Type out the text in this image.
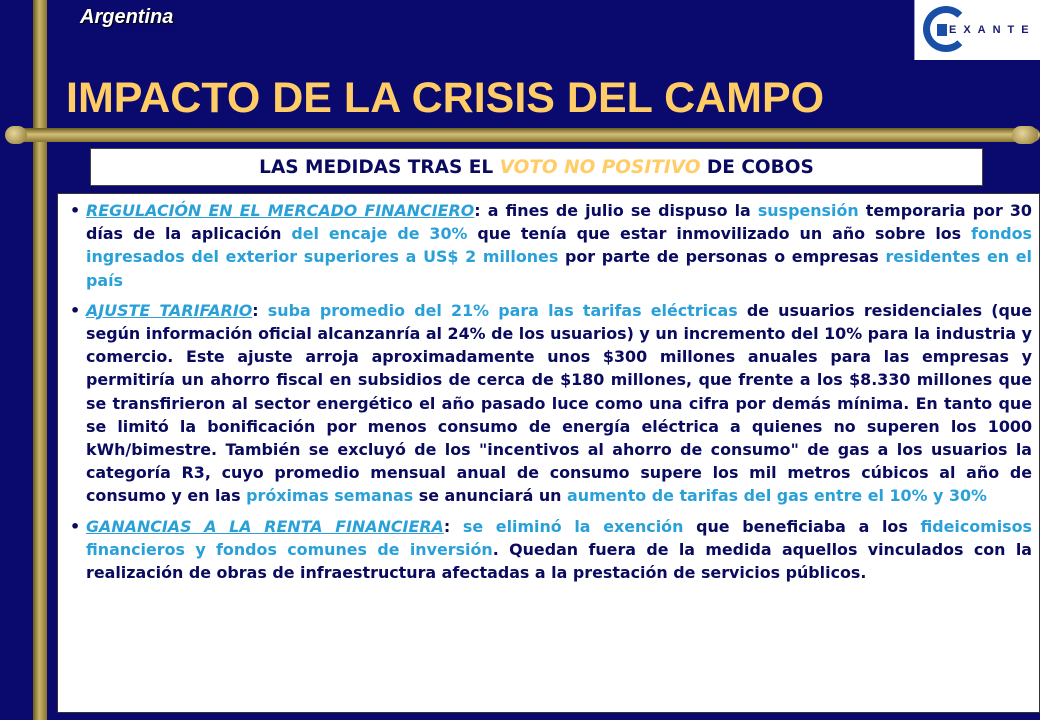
Argentina
EXANTE
IMPACTO DE LA CRISIS DEL CAMPO
LAS MEDIDAS TRAS EL VOTO NO POSITIVO DE COBOS
• REGULACIÓN EN EL MERCADO FINANCIERO: a fines de julio se dispuso la suspensión temporaria por 30 días de la aplicación del encaje de 30% que tenía que estar inmovilizado un año sobre los fondos ingresados del exterior superiores a US$ 2 millones por parte de personas o empresas residentes en el país
• AJUSTE TARIFARIO: suba promedio del 21% para las tarifas eléctricas de usuarios residenciales (que según información oficial alcanzanría al 24% de los usuarios) y un incremento del 10% para la industria y comercio. Este ajuste arroja aproximadamente unos $300 millones anuales para las empresas y permitiría un ahorro fiscal en subsidios de cerca de $180 millones, que frente a los $8.330 millones que se transfirieron al sector energético el año pasado luce como una cifra por demás mínima. En tanto que se limitó la bonificación por menos consumo de energía eléctrica a quienes no superen los 1000 kWh/bimestre. También se excluyó de los "incentivos al ahorro de consumo" de gas a los usuarios la categoría R3, cuyo promedio mensual anual de consumo supere los mil metros cúbicos al año de consumo y en las próximas semanas se anunciará un aumento de tarifas del gas entre el 10% y 30%
• GANANCIAS A LA RENTA FINANCIERA: se eliminó la exención que beneficiaba a los fideicomisos financieros y fondos comunes de inversión. Quedan fuera de la medida aquellos vinculados con la realización de obras de infraestructura afectadas a la prestación de servicios públicos.
